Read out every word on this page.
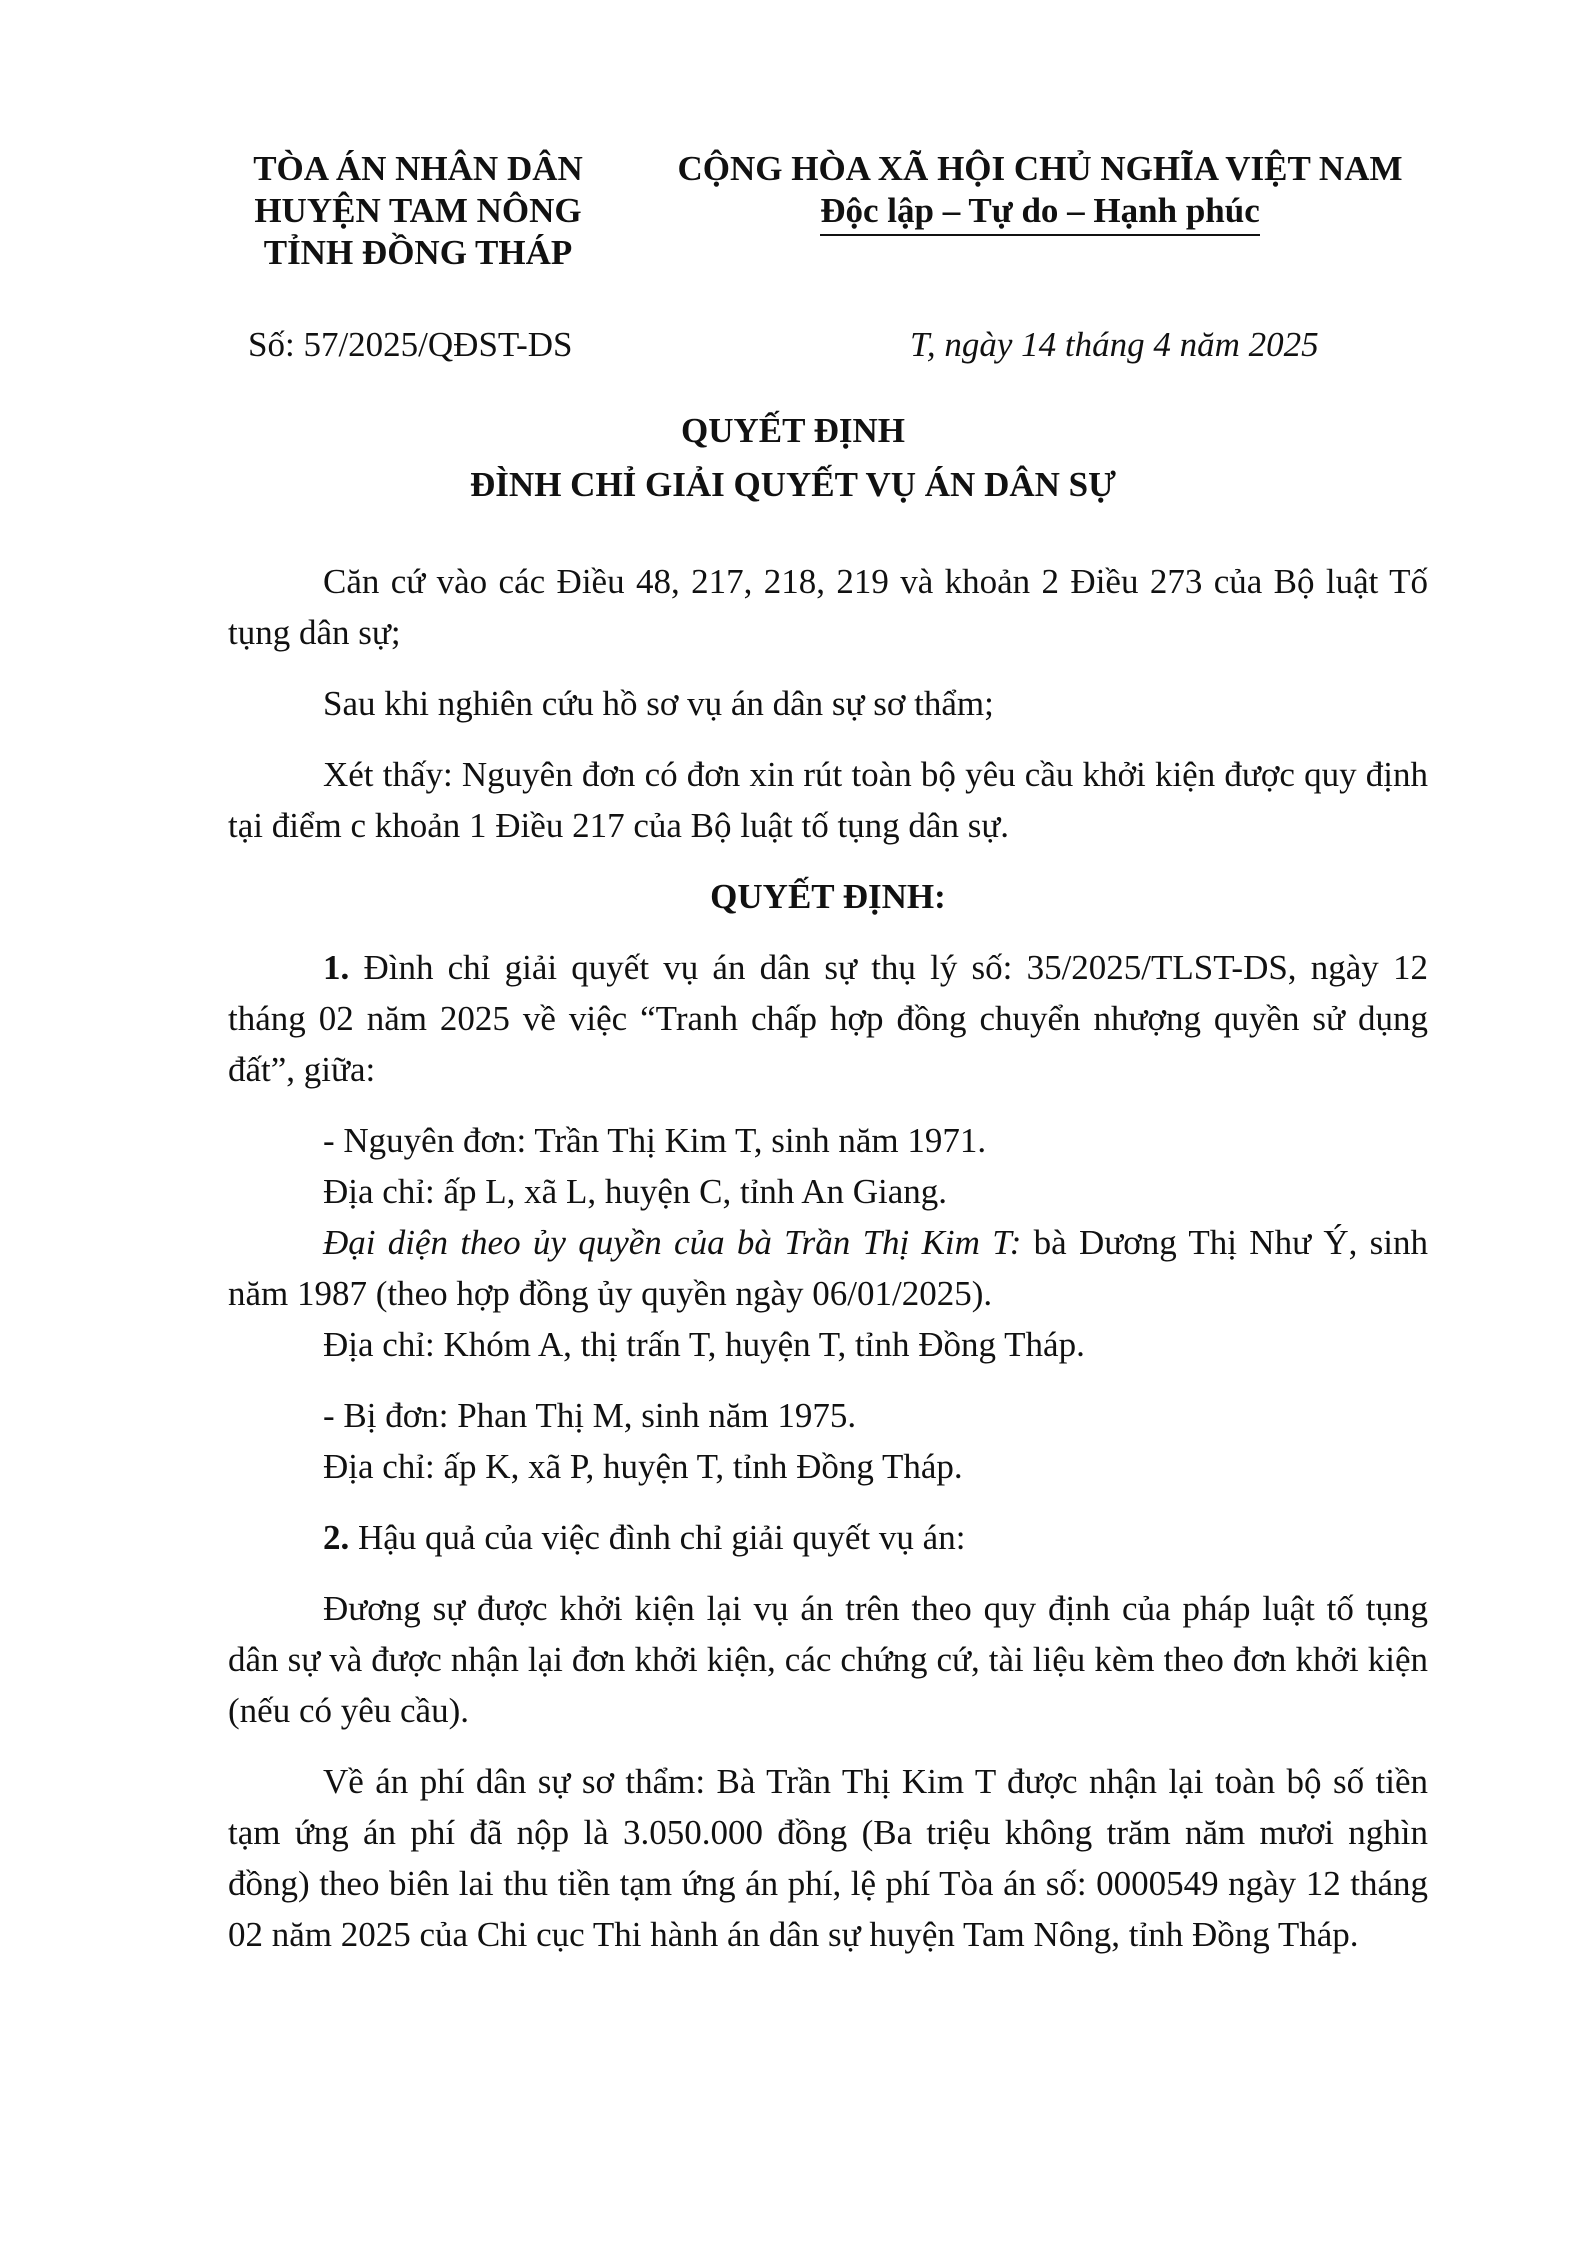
TÒA ÁN NHÂN DÂN
HUYỆN TAM NÔNG
TỈNH ĐỒNG THÁP
CỘNG HÒA XÃ HỘI CHỦ NGHĨA VIỆT NAM
Độc lập – Tự do – Hạnh phúc
Số: 57/2025/QĐST-DS	T, ngày 14 tháng 4 năm 2025
QUYẾT ĐỊNH
ĐÌNH CHỈ GIẢI QUYẾT VỤ ÁN DÂN SỰ

Căn cứ vào các Điều 48, 217, 218, 219 và khoản 2 Điều 273 của Bộ luật Tố tụng dân sự;

Sau khi nghiên cứu hồ sơ vụ án dân sự sơ thẩm;

Xét thấy: Nguyên đơn có đơn xin rút toàn bộ yêu cầu khởi kiện được quy định tại điểm c khoản 1 Điều 217 của Bộ luật tố tụng dân sự.

QUYẾT ĐỊNH:

1. Đình chỉ giải quyết vụ án dân sự thụ lý số: 35/2025/TLST-DS, ngày 12 tháng 02 năm 2025 về việc “Tranh chấp hợp đồng chuyển nhượng quyền sử dụng đất”, giữa:

- Nguyên đơn: Trần Thị Kim T, sinh năm 1971.

Địa chỉ: ấp L, xã L, huyện C, tỉnh An Giang.

Đại diện theo ủy quyền của bà Trần Thị Kim T: bà Dương Thị Như Ý, sinh năm 1987 (theo hợp đồng ủy quyền ngày 06/01/2025).

Địa chỉ: Khóm A, thị trấn T, huyện T, tỉnh Đồng Tháp.

- Bị đơn: Phan Thị M, sinh năm 1975.

Địa chỉ: ấp K, xã P, huyện T, tỉnh Đồng Tháp.

2. Hậu quả của việc đình chỉ giải quyết vụ án:

Đương sự được khởi kiện lại vụ án trên theo quy định của pháp luật tố tụng dân sự và được nhận lại đơn khởi kiện, các chứng cứ, tài liệu kèm theo đơn khởi kiện (nếu có yêu cầu).

Về án phí dân sự sơ thẩm: Bà Trần Thị Kim T được nhận lại toàn bộ số tiền tạm ứng án phí đã nộp là 3.050.000 đồng (Ba triệu không trăm năm mươi nghìn đồng) theo biên lai thu tiền tạm ứng án phí, lệ phí Tòa án số: 0000549 ngày 12 tháng 02 năm 2025 của Chi cục Thi hành án dân sự huyện Tam Nông, tỉnh Đồng Tháp.
